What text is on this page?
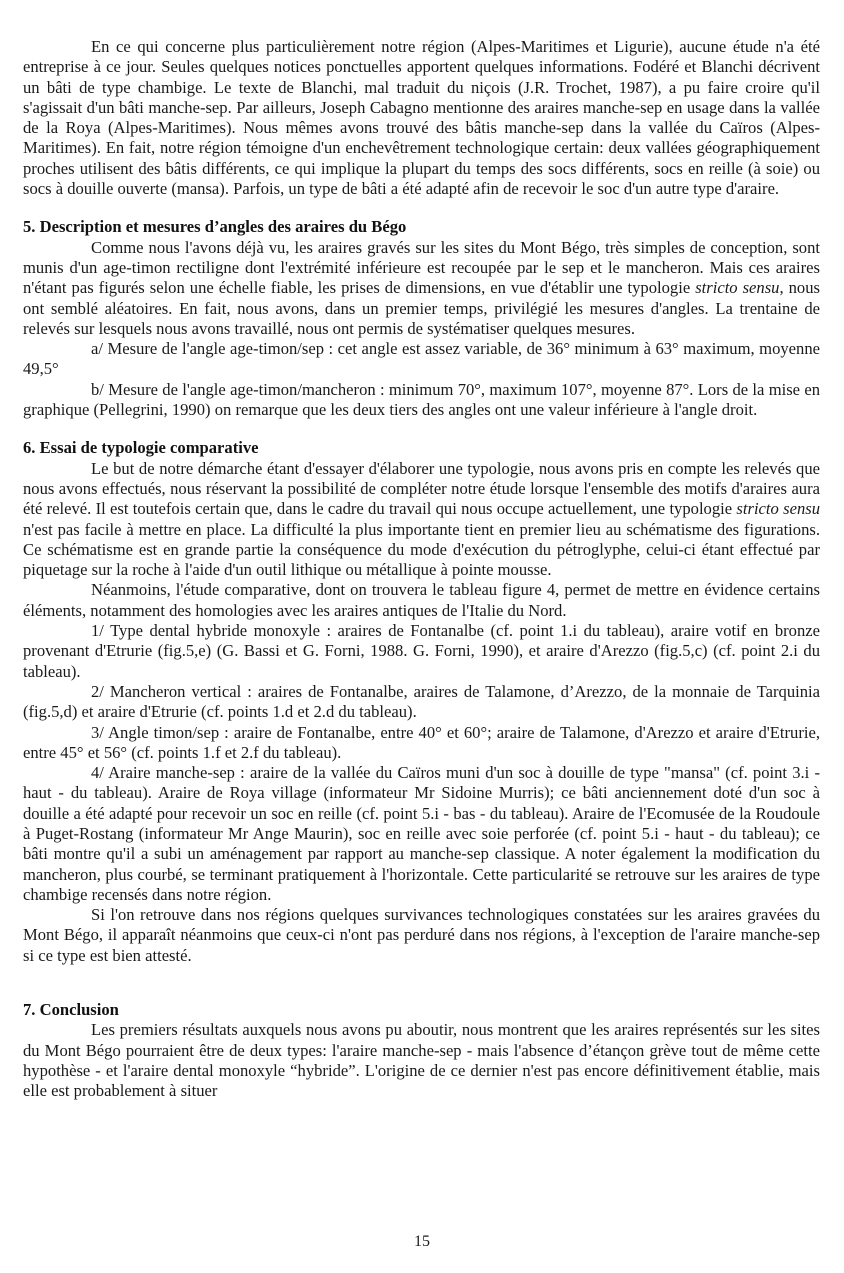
En ce qui concerne plus particulièrement notre région (Alpes-Maritimes et Ligurie), aucune étude n'a été entreprise à ce jour. Seules quelques notices ponctuelles apportent quelques informations. Fodéré et Blanchi décrivent un bâti de type chambige. Le texte de Blanchi, mal traduit du niçois (J.R. Trochet, 1987), a pu faire croire qu'il s'agissait d'un bâti manche-sep. Par ailleurs, Joseph Cabagno mentionne des araires manche-sep en usage dans la vallée de la Roya (Alpes-Maritimes). Nous mêmes avons trouvé des bâtis manche-sep dans la vallée du Caïros (Alpes-Maritimes). En fait, notre région témoigne d'un enchevêtrement technologique certain: deux vallées géographiquement proches utilisent des bâtis différents, ce qui implique la plupart du temps des socs différents, socs en reille (à soie) ou socs à douille ouverte (mansa). Parfois, un type de bâti a été adapté afin de recevoir le soc d'un autre type d'araire.

5. Description et mesures d’angles des araires du Bégo

Comme nous l'avons déjà vu, les araires gravés sur les sites du Mont Bégo, très simples de conception, sont munis d'un age-timon rectiligne dont l'extrémité inférieure est recoupée par le sep et le mancheron. Mais ces araires n'étant pas figurés selon une échelle fiable, les prises de dimensions, en vue d'établir une typologie stricto sensu, nous ont semblé aléatoires. En fait, nous avons, dans un premier temps, privilégié les mesures d'angles. La trentaine de relevés sur lesquels nous avons travaillé, nous ont permis de systématiser quelques mesures.

a/ Mesure de l'angle age-timon/sep : cet angle est assez variable, de 36° minimum à 63° maximum, moyenne 49,5°

b/ Mesure de l'angle age-timon/mancheron : minimum 70°, maximum 107°, moyenne 87°. Lors de la mise en graphique (Pellegrini, 1990) on remarque que les deux tiers des angles ont une valeur inférieure à l'angle droit.

6. Essai de typologie comparative

Le but de notre démarche étant d'essayer d'élaborer une typologie, nous avons pris en compte les relevés que nous avons effectués, nous réservant la possibilité de compléter notre étude lorsque l'ensemble des motifs d'araires aura été relevé. Il est toutefois certain que, dans le cadre du travail qui nous occupe actuellement, une typologie stricto sensu n'est pas facile à mettre en place. La difficulté la plus importante tient en premier lieu au schématisme des figurations. Ce schématisme est en grande partie la conséquence du mode d'exécution du pétroglyphe, celui-ci étant effectué par piquetage sur la roche à l'aide d'un outil lithique ou métallique à pointe mousse.

Néanmoins, l'étude comparative, dont on trouvera le tableau figure 4, permet de mettre en évidence certains éléments, notamment des homologies avec les araires antiques de l'Italie du Nord.

1/ Type dental hybride monoxyle : araires de Fontanalbe (cf. point 1.i du tableau), araire votif en bronze provenant d'Etrurie (fig.5,e) (G. Bassi et G. Forni, 1988. G. Forni, 1990), et araire d'Arezzo (fig.5,c) (cf. point 2.i du tableau).

2/ Mancheron vertical : araires de Fontanalbe, araires de Talamone, d’Arezzo, de la monnaie de Tarquinia (fig.5,d) et araire d'Etrurie (cf. points 1.d et 2.d du tableau).

3/ Angle timon/sep : araire de Fontanalbe, entre 40° et 60°; araire de Talamone, d'Arezzo et araire d'Etrurie, entre 45° et 56° (cf. points 1.f et 2.f du tableau).

4/ Araire manche-sep : araire de la vallée du Caïros muni d'un soc à douille de type "mansa" (cf. point 3.i - haut - du tableau). Araire de Roya village (informateur Mr Sidoine Murris); ce bâti anciennement doté d'un soc à douille a été adapté pour recevoir un soc en reille (cf. point 5.i - bas - du tableau). Araire de l'Ecomusée de la Roudoule à Puget-Rostang (informateur Mr Ange Maurin), soc en reille avec soie perforée (cf. point 5.i - haut - du tableau); ce bâti montre qu'il a subi un aménagement par rapport au manche-sep classique. A noter également la modification du mancheron, plus courbé, se terminant pratiquement à l'horizontale. Cette particularité se retrouve sur les araires de type chambige recensés dans notre région.

Si l'on retrouve dans nos régions quelques survivances technologiques constatées sur les araires gravées du Mont Bégo, il apparaît néanmoins que ceux-ci n'ont pas perduré dans nos régions, à l'exception de l'araire manche-sep si ce type est bien attesté.

7. Conclusion

Les premiers résultats auxquels nous avons pu aboutir, nous montrent que les araires représentés sur les sites du Mont Bégo pourraient être de deux types: l'araire manche-sep - mais l'absence d’étançon grève tout de même cette hypothèse - et l'araire dental monoxyle “hybride”. L'origine de ce dernier n'est pas encore définitivement établie, mais elle est probablement à situer

15
